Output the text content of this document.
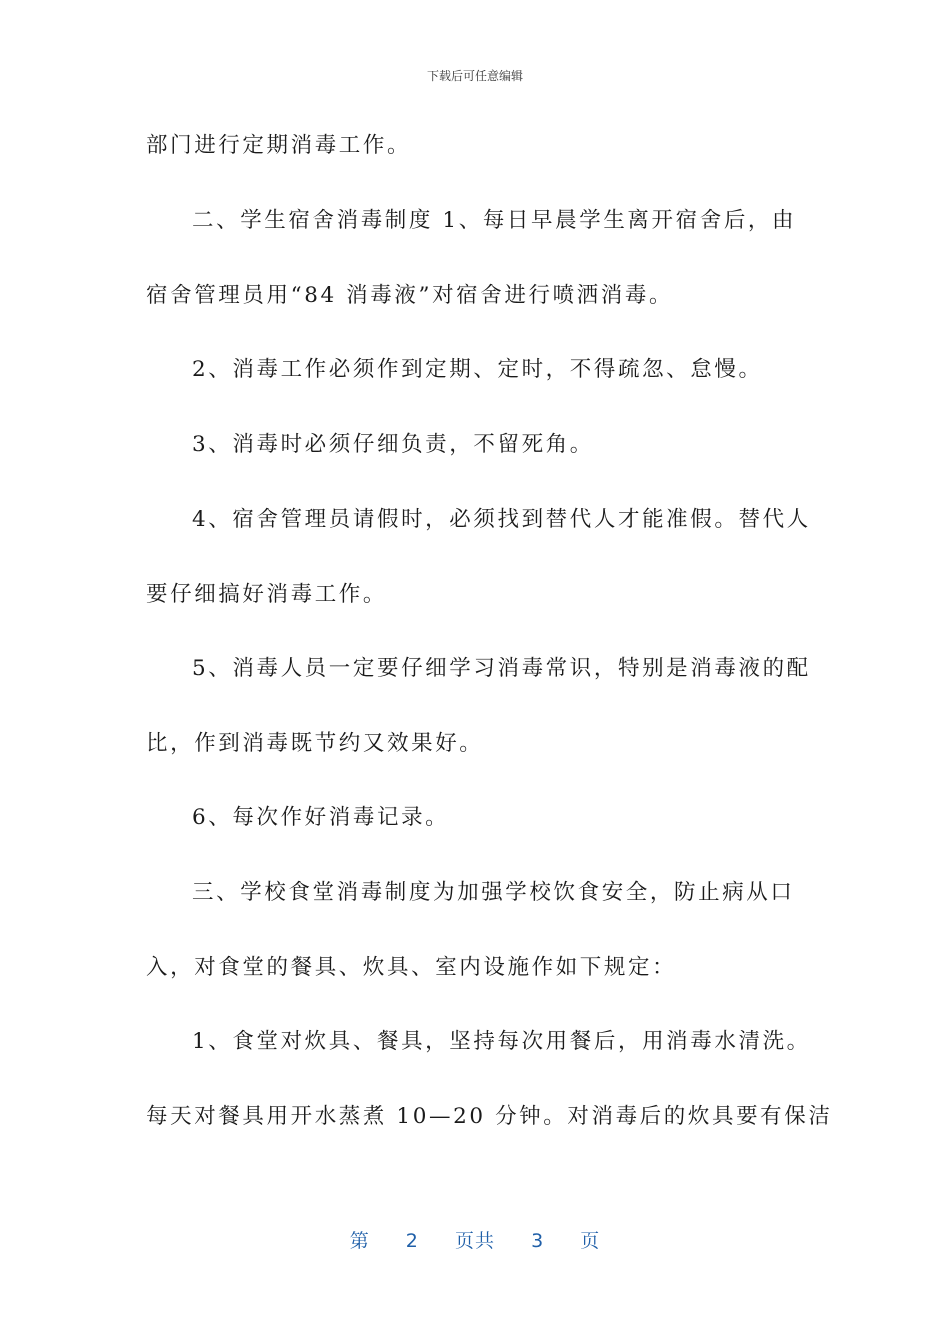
下载后可任意编辑
部门进行定期消毒工作。
二、学生宿舍消毒制度 1、每日早晨学生离开宿舍后，由
宿舍管理员用“84 消毒液”对宿舍进行喷洒消毒。
2、消毒工作必须作到定期、定时，不得疏忽、怠慢。
3、消毒时必须仔细负责，不留死角。
4、宿舍管理员请假时，必须找到替代人才能准假。替代人
要仔细搞好消毒工作。
5、消毒人员一定要仔细学习消毒常识，特别是消毒液的配
比，作到消毒既节约又效果好。
6、每次作好消毒记录。
三、学校食堂消毒制度为加强学校饮食安全，防止病从口
入，对食堂的餐具、炊具、室内设施作如下规定：
1、食堂对炊具、餐具，坚持每次用餐后，用消毒水清洗。
每天对餐具用开水蒸煮 10—20 分钟。对消毒后的炊具要有保洁
第 2 页共 3 页
